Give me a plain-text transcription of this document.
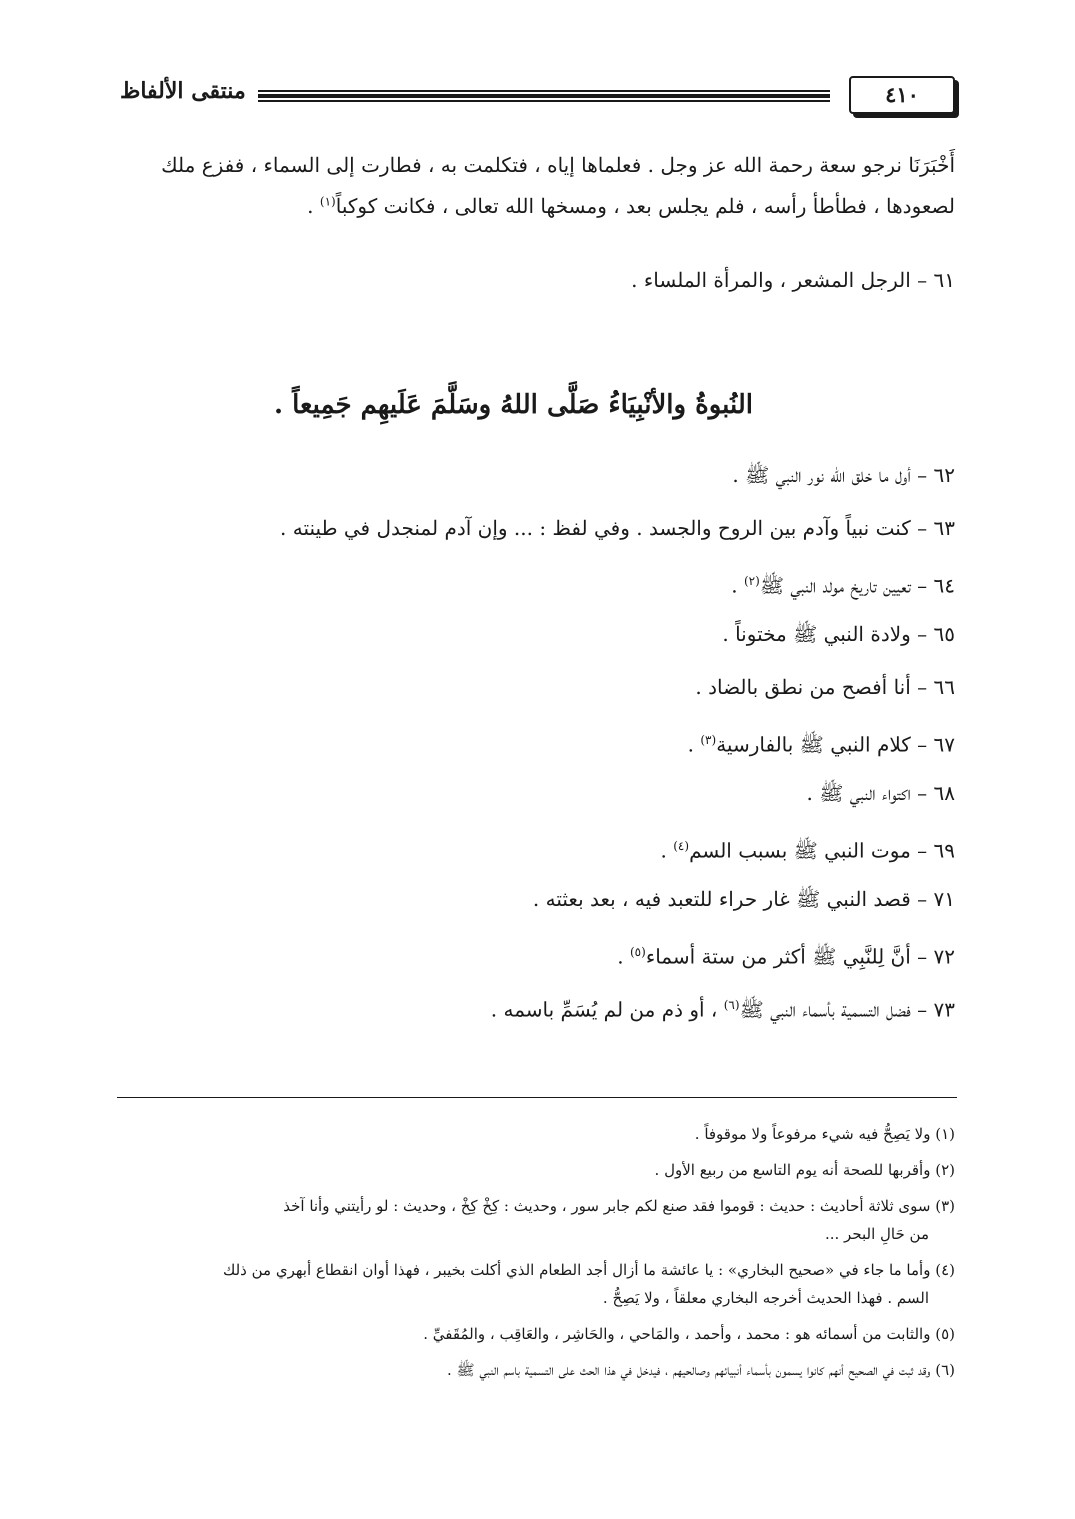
٤١٠
منتقى الألفاظ
أَخْبَرَنَا نرجو سعة رحمة الله عز وجل . فعلماها إياه ، فتكلمت به ، فطارت إلى السماء ، ففزع ملك
لصعودها ، فطأطأ رأسه ، فلم يجلس بعد ، ومسخها الله تعالى ، فكانت كوكباً$^{(١)}$ .
٦١ – الرجل المشعر ، والمرأة الملساء .
النُبوةُ والأنْبِيَاءُ صَلَّى اللهُ وسَلَّمَ عَلَيهِم جَمِيعاً .
٦٢ – أول ما خلق الله نور النبي ﷺ .
٦٣ – كنت نبياً وآدم بين الروح والجسد . وفي لفظ : ... وإن آدم لمنجدل في طينته .
٦٤ – تعيين تاريخ مولد النبي ﷺ$^{(٢)}$ .
٦٥ – ولادة النبي ﷺ مختوناً .
٦٦ – أنا أفصح من نطق بالضاد .
٦٧ – كلام النبي ﷺ بالفارسية$^{(٣)}$ .
٦٨ – اكتواء النبي ﷺ .
٦٩ – موت النبي ﷺ بسبب السم$^{(٤)}$ .
٧١ – قصد النبي ﷺ غار حراء للتعبد فيه ، بعد بعثته .
٧٢ – أنَّ لِلنَّبِي ﷺ أكثر من ستة أسماء$^{(٥)}$ .
٧٣ – فضل التسمية بأسماء النبي ﷺ$^{(٦)}$ ، أو ذم من لم يُسَمِّ باسمه .

(١) ولا يَصِحُّ فيه شيء مرفوعاً ولا موقوفاً .

(٢) وأقربها للصحة أنه يوم التاسع من ربيع الأول .

(٣) سوى ثلاثة أحاديث : حديث : قوموا فقد صنع لكم جابر سور ، وحديث : كِخْ كِخْ ، وحديث : لو رأيتني وأنا آخذ
من حَالِ البحر ...

(٤) وأما ما جاء في «صحيح البخاري» : يا عائشة ما أزال أجد الطعام الذي أكلت بخيبر ، فهذا أوان انقطاع أبهري من ذلك
السم . فهذا الحديث أخرجه البخاري معلقاً ، ولا يَصِحُّ .

(٥) والثابت من أسمائه هو : محمد ، وأحمد ، والمَاحي ، والحَاشِر ، والعَاقِب ، والمُقَفيِّ .

(٦) وقد ثبت في الصحيح أنهم كانوا يسمون بأسماء أنبيائهم وصالحيهم ، فيدخل في هذا الحث على التسمية باسم النبي ﷺ .
